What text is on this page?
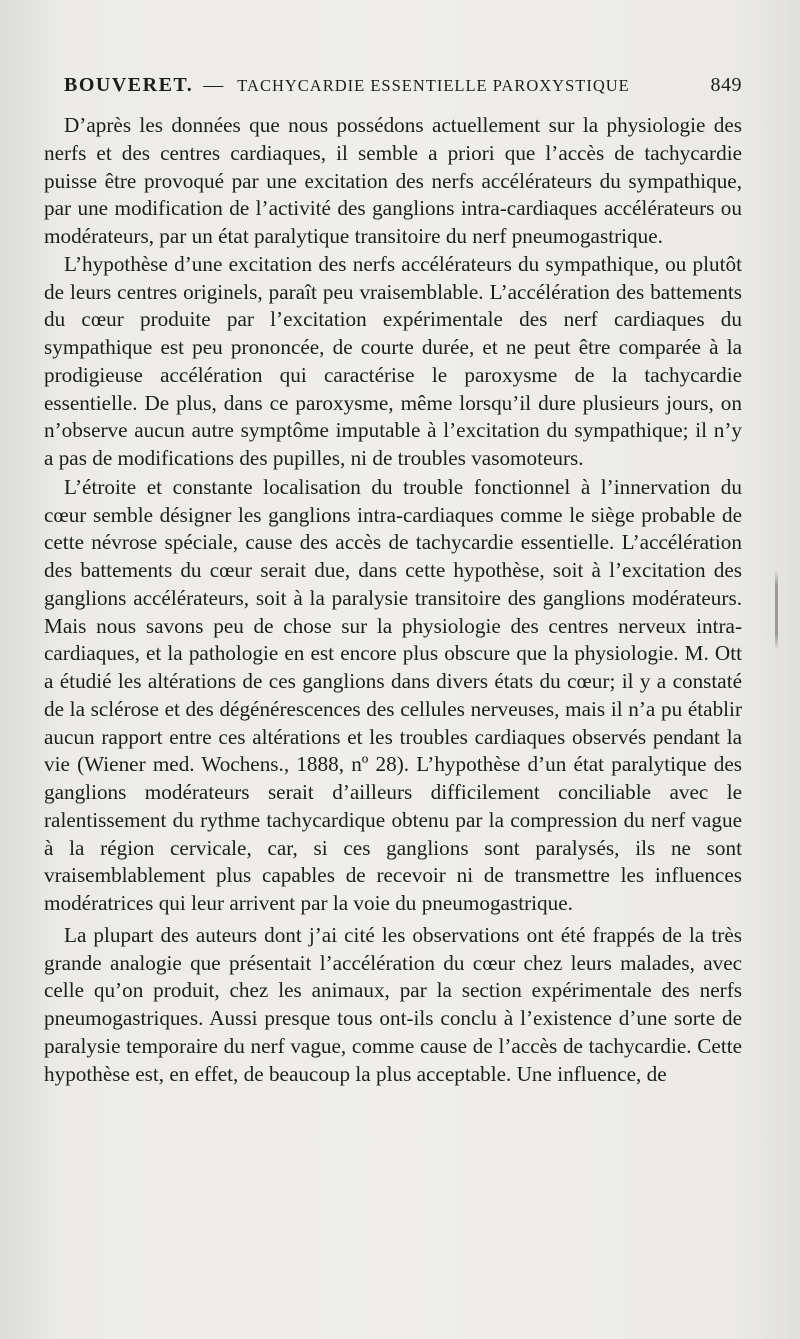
BOUVERET. — TACHYCARDIE ESSENTIELLE PAROXYSTIQUE	849

D’après les données que nous possédons actuellement sur la physiologie des nerfs et des centres cardiaques, il semble a priori que l’accès de tachycardie puisse être provoqué par une excitation des nerfs accélérateurs du sympathique, par une modification de l’activité des ganglions intra-cardiaques accélérateurs ou modérateurs, par un état paralytique transitoire du nerf pneumogastrique.

L’hypothèse d’une excitation des nerfs accélérateurs du sympathique, ou plutôt de leurs centres originels, paraît peu vraisemblable. L’accélération des battements du cœur produite par l’excitation expérimentale des nerf cardiaques du sympathique est peu prononcée, de courte durée, et ne peut être comparée à la prodigieuse accélération qui caractérise le paroxysme de la tachycardie essentielle. De plus, dans ce paroxysme, même lorsqu’il dure plusieurs jours, on n’observe aucun autre symptôme imputable à l’excitation du sympathique; il n’y a pas de modifications des pupilles, ni de troubles vasomoteurs.

L’étroite et constante localisation du trouble fonctionnel à l’innervation du cœur semble désigner les ganglions intra-cardiaques comme le siège probable de cette névrose spéciale, cause des accès de tachycardie essentielle. L’accélération des battements du cœur serait due, dans cette hypothèse, soit à l’excitation des ganglions accélérateurs, soit à la paralysie transitoire des ganglions modérateurs. Mais nous savons peu de chose sur la physiologie des centres nerveux intra-cardiaques, et la pathologie en est encore plus obscure que la physiologie. M. Ott a étudié les altérations de ces ganglions dans divers états du cœur; il y a constaté de la sclérose et des dégénérescences des cellules nerveuses, mais il n’a pu établir aucun rapport entre ces altérations et les troubles cardiaques observés pendant la vie (Wiener med. Wochens., 1888, nº 28). L’hypothèse d’un état paralytique des ganglions modérateurs serait d’ailleurs difficilement conciliable avec le ralentissement du rythme tachycardique obtenu par la compression du nerf vague à la région cervicale, car, si ces ganglions sont paralysés, ils ne sont vraisemblablement plus capables de recevoir ni de transmettre les influences modératrices qui leur arrivent par la voie du pneumogastrique.

La plupart des auteurs dont j’ai cité les observations ont été frappés de la très grande analogie que présentait l’accélération du cœur chez leurs malades, avec celle qu’on produit, chez les animaux, par la section expérimentale des nerfs pneumogastriques. Aussi presque tous ont-ils conclu à l’existence d’une sorte de paralysie temporaire du nerf vague, comme cause de l’accès de tachycardie. Cette hypothèse est, en effet, de beaucoup la plus acceptable. Une influence, de
